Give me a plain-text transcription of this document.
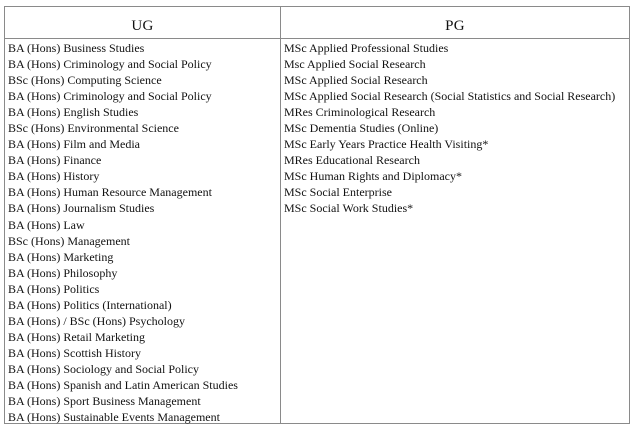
UG
BA (Hons) Business Studies
BA (Hons) Criminology and Social Policy
BSc (Hons) Computing Science
BA (Hons) Criminology and Social Policy
BA (Hons) English Studies
BSc (Hons) Environmental Science
BA (Hons) Film and Media
BA (Hons) Finance
BA (Hons) History
BA (Hons) Human Resource Management
BA (Hons) Journalism Studies
BA (Hons) Law
BSc (Hons) Management
BA (Hons) Marketing
BA (Hons) Philosophy
BA (Hons) Politics
BA (Hons) Politics (International)
BA (Hons) / BSc (Hons) Psychology
BA (Hons) Retail Marketing
BA (Hons) Scottish History
BA (Hons) Sociology and Social Policy
BA (Hons) Spanish and Latin American Studies
BA (Hons) Sport Business Management
BA (Hons) Sustainable Events Management
PG
MSc Applied Professional Studies
Msc Applied Social Research
MSc Applied Social Research
MSc Applied Social Research (Social Statistics and Social Research)
MRes Criminological Research
MSc Dementia Studies (Online)
MSc Early Years Practice Health Visiting*
MRes Educational Research
MSc Human Rights and Diplomacy*
MSc Social Enterprise
MSc Social Work Studies*
